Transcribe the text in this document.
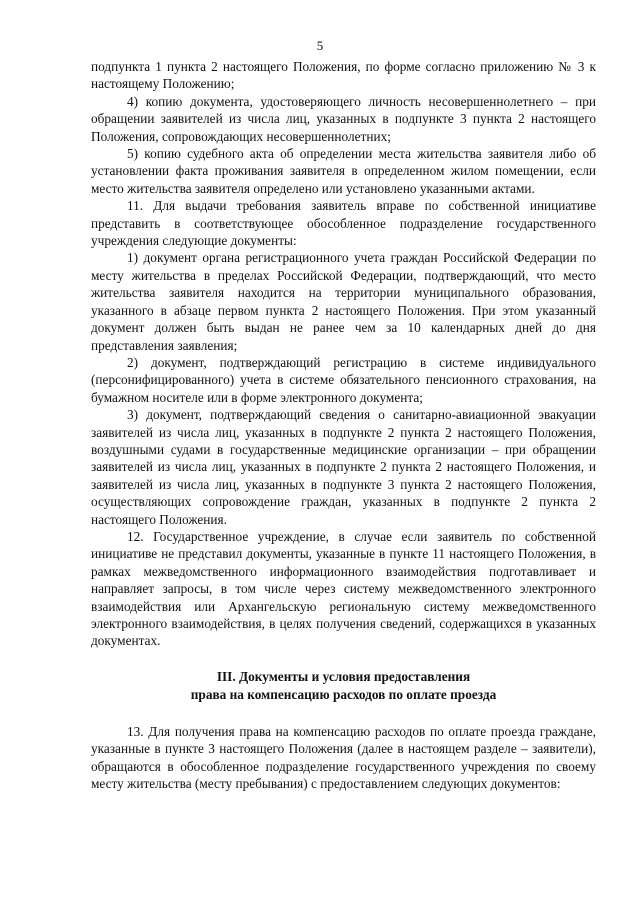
5

подпункта 1 пункта 2 настоящего Положения, по форме согласно приложению № 3 к настоящему Положению;

4) копию документа, удостоверяющего личность несовершеннолетнего – при обращении заявителей из числа лиц, указанных в подпункте 3 пункта 2 настоящего Положения, сопровождающих несовершеннолетних;

5) копию судебного акта об определении места жительства заявителя либо об установлении факта проживания заявителя в определенном жилом помещении, если место жительства заявителя определено или установлено указанными актами.

11. Для выдачи требования заявитель вправе по собственной инициативе представить в соответствующее обособленное подразделение государственного учреждения следующие документы:

1) документ органа регистрационного учета граждан Российской Федерации по месту жительства в пределах Российской Федерации, подтверждающий, что место жительства заявителя находится на территории муниципального образования, указанного в абзаце первом пункта 2 настоящего Положения. При этом указанный документ должен быть выдан не ранее чем за 10 календарных дней до дня представления заявления;

2) документ, подтверждающий регистрацию в системе индивидуального (персонифицированного) учета в системе обязательного пенсионного страхования, на бумажном носителе или в форме электронного документа;

3) документ, подтверждающий сведения о санитарно-авиационной эвакуации заявителей из числа лиц, указанных в подпункте 2 пункта 2 настоящего Положения, воздушными судами в государственные медицинские организации – при обращении заявителей из числа лиц, указанных в подпункте 2 пункта 2 настоящего Положения, и заявителей из числа лиц, указанных в подпункте 3 пункта 2 настоящего Положения, осуществляющих сопровождение граждан, указанных в подпункте 2 пункта 2 настоящего Положения.

12. Государственное учреждение, в случае если заявитель по собственной инициативе не представил документы, указанные в пункте 11 настоящего Положения, в рамках межведомственного информационного взаимодействия подготавливает и направляет запросы, в том числе через систему межведомственного электронного взаимодействия или Архангельскую региональную систему межведомственного электронного взаимодействия, в целях получения сведений, содержащихся в указанных документах.

III. Документы и условия предоставления

права на компенсацию расходов по оплате проезда

13. Для получения права на компенсацию расходов по оплате проезда граждане, указанные в пункте 3 настоящего Положения (далее в настоящем разделе – заявители), обращаются в обособленное подразделение государственного учреждения по своему месту жительства (месту пребывания) с предоставлением следующих документов:
